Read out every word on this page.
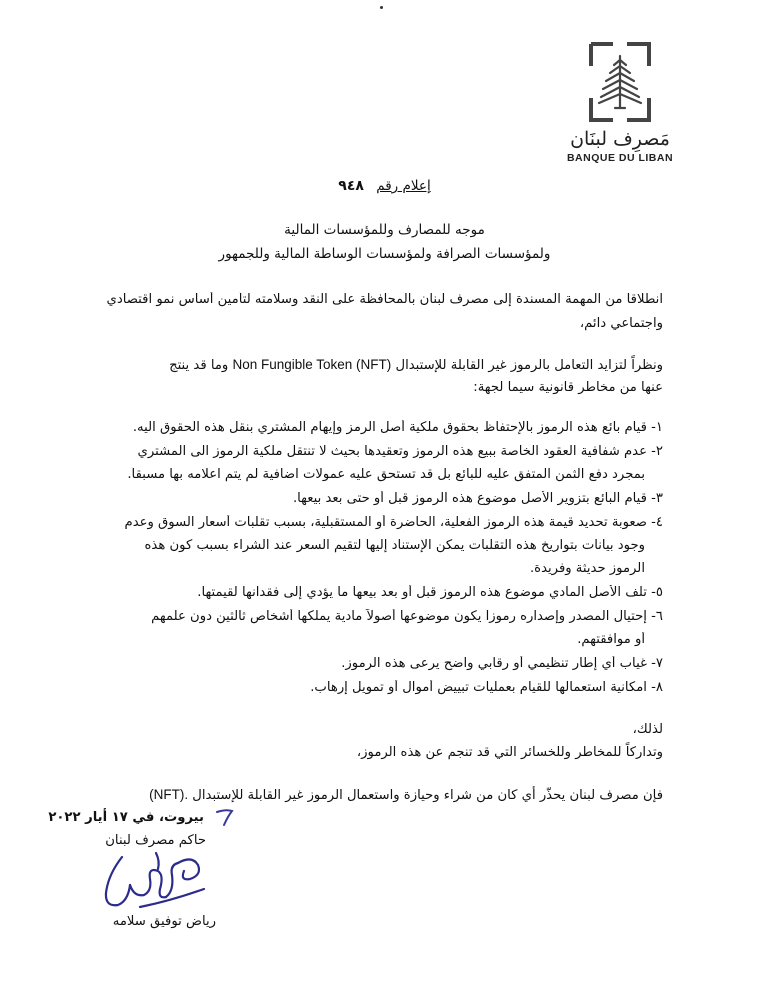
مَصرِف لبنَان
BANQUE DU LIBAN
إعلام رقم ٩٤٨
موجه للمصارف وللمؤسسات المالية
ولمؤسسات الصرافة ولمؤسسات الوساطة المالية وللجمهور
انطلاقا من المهمة المسندة إلى مصرف لبنان بالمحافظة على النقد وسلامته لتأمين أساس نمو اقتصادي
واجتماعي دائم،
ونظراً لتزايد التعامل بالرموز غير القابلة للإستبدال Non Fungible Token (NFT) وما قد ينتج
عنها من مخاطر قانونية سيما لجهة:
١- قيام بائع هذه الرموز بالإحتفاظ بحقوق ملكية أصل الرمز وإيهام المشتري بنقل هذه الحقوق اليه.
٢- عدم شفافية العقود الخاصة ببيع هذه الرموز وتعقيدها بحيث لا تنتقل ملكية الرموز الى المشتري
بمجرد دفع الثمن المتفق عليه للبائع بل قد تستحق عليه عمولات اضافية لم يتم اعلامه بها مسبقاً.
٣- قيام البائع بتزوير الأصل موضوع هذه الرموز قبل أو حتى بعد بيعها.
٤- صعوبة تحديد قيمة هذه الرموز الفعلية، الحاضرة أو المستقبلية، بسبب تقلّبات أسعار السوق وعدم
وجود بيانات بتواريخ هذه التقلبات يمكن الإستناد إليها لتقيم السعر عند الشراء بسبب كون هذه
الرموز حديثة وفريدة.
٥- تلف الأصل المادي موضوع هذه الرموز قبل أو بعد بيعها ما يؤدي إلى فقدانها لقيمتها.
٦- إحتيال المصدر وإصداره رموزاً يكون موضوعها أصولاً مادية يملكها أشخاص ثالثين دون علمهم
أو موافقتهم.
٧- غياب أي إطار تنظيمي أو رقابي واضح يرعى هذه الرموز.
٨- امكانية استعمالها للقيام بعمليات تبييض أموال أو تمويل إرهاب.
لذلك،
وتداركاً للمخاطر وللخسائر التي قد تنجم عن هذه الرموز،
فإن مصرف لبنان يحذّر أي كان من شراء وحيازة واستعمال الرموز غير القابلة للإستبدال (NFT).
بيروت، في ١٧ أيار ٢٠٢٢
حاكم مصرف لبنان
رياض توفيق سلامه
